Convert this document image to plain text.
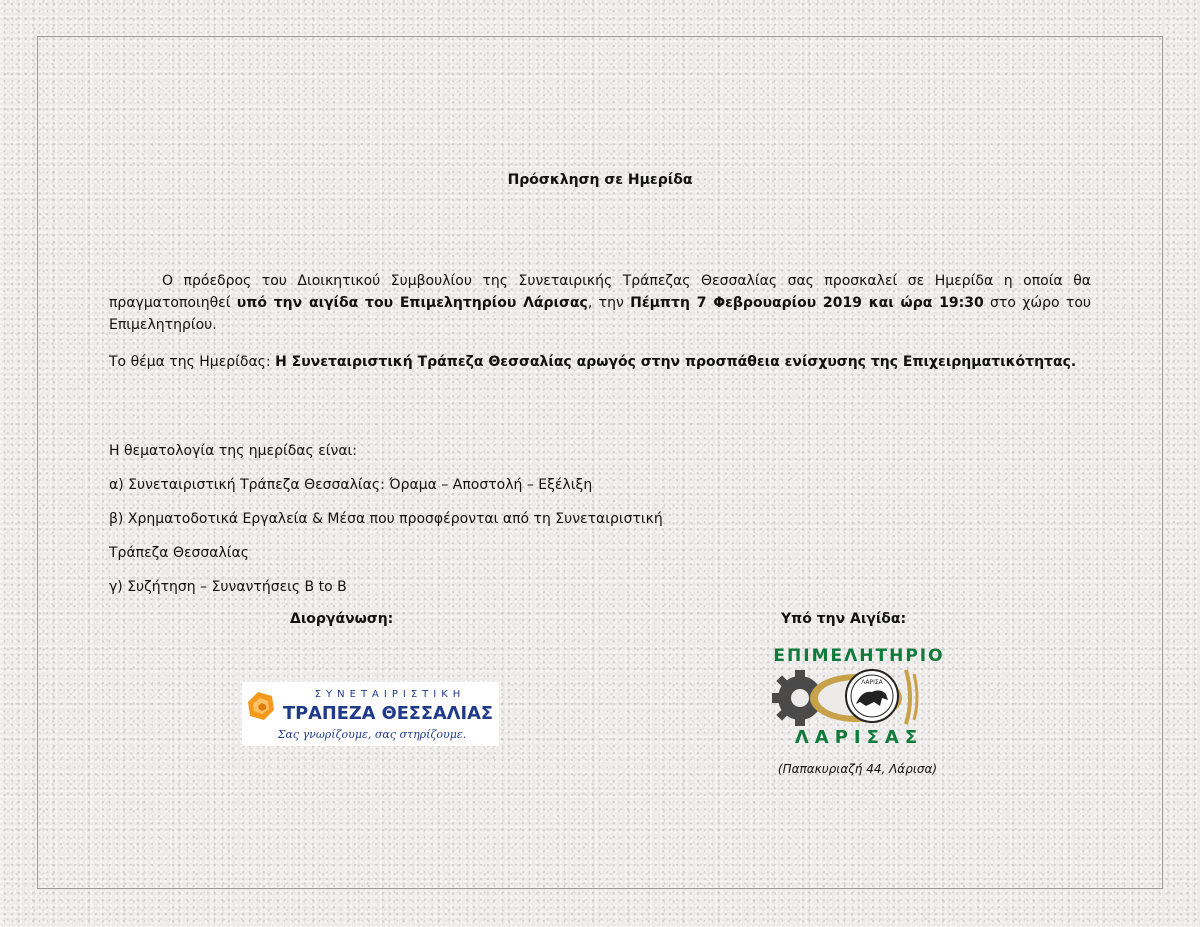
Πρόσκληση σε Ημερίδα
Ο πρόεδρος του Διοικητικού Συμβουλίου της Συνεταιρικής Τράπεζας Θεσσαλίας σας προσκαλεί σε Ημερίδα η οποία θα πραγματοποιηθεί υπό την αιγίδα του Επιμελητηρίου Λάρισας, την Πέμπτη 7 Φεβρουαρίου 2019 και ώρα 19:30 στο χώρο του Επιμελητηρίου.
Το θέμα της Ημερίδας: Η Συνεταιριστική Τράπεζα Θεσσαλίας αρωγός στην προσπάθεια ενίσχυσης της Επιχειρηματικότητας.
Η θεματολογία της ημερίδας είναι:
α) Συνεταιριστική Τράπεζα Θεσσαλίας: Όραμα – Αποστολή – Εξέλιξη
β) Χρηματοδοτικά Εργαλεία & Μέσα που προσφέρονται από τη Συνεταιριστική
Τράπεζα Θεσσαλίας
γ) Συζήτηση – Συναντήσεις B to B
Διοργάνωση:	Υπό την Αιγίδα:
ΣΥΝΕΤΑΙΡΙΣΤΙΚΗ
ΤΡΑΠΕΖΑ ΘΕΣΣΑΛΙΑΣ
Σας γνωρίζουμε, σας στηρίζουμε.
ΕΠΙΜΕΛΗΤΗΡΙΟ
ΛΑΡΙΣΑ
ΛΑΡΙΣΑΣ
(Παπακυριαζή 44, Λάρισα)
